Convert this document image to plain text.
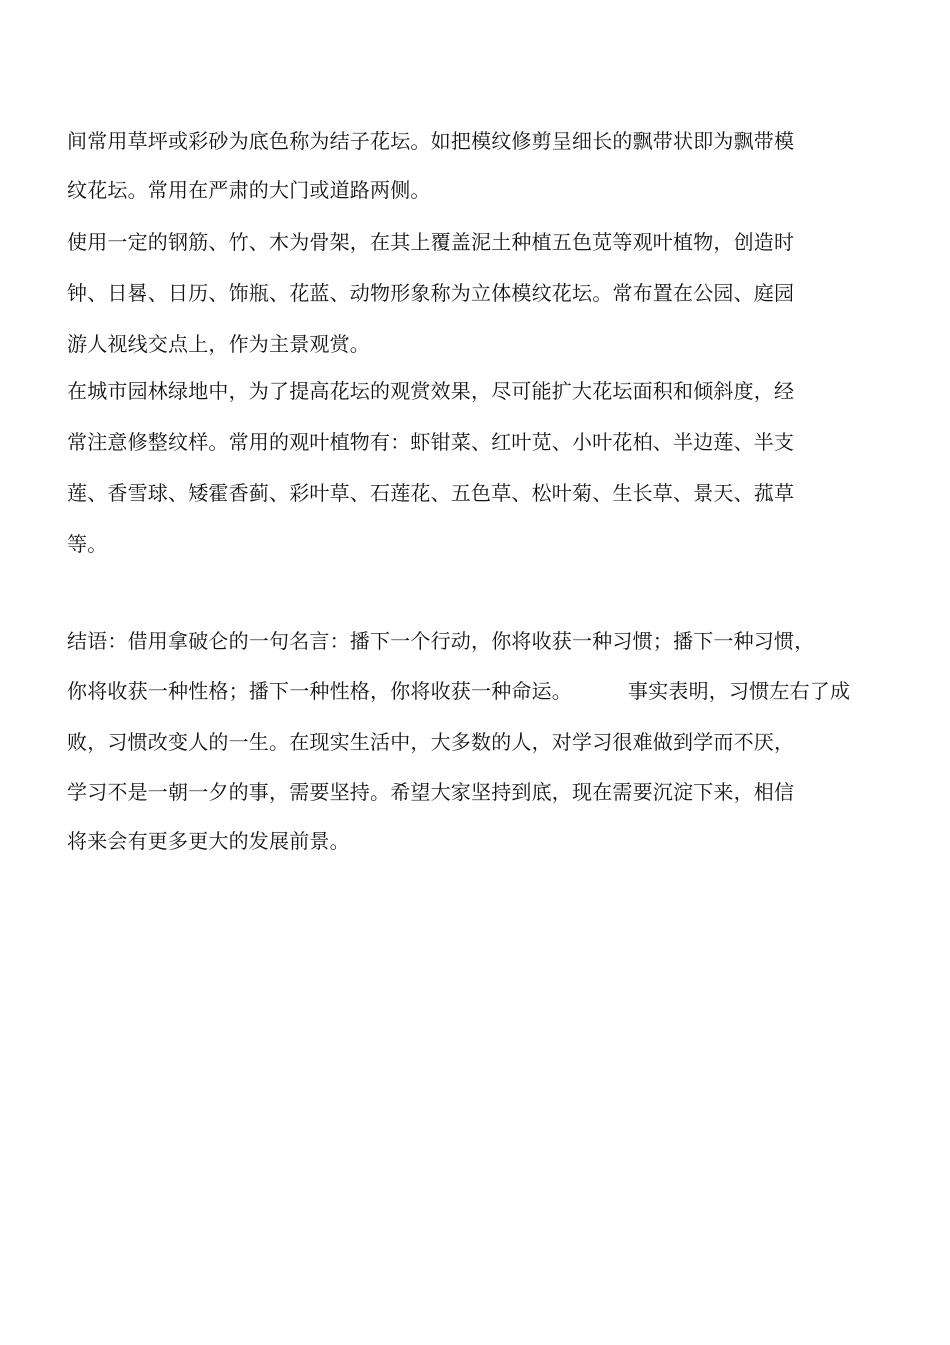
间常用草坪或彩砂为底色称为结子花坛。如把模纹修剪呈细长的飘带状即为飘带模
纹花坛。常用在严肃的大门或道路两侧。
使用一定的钢筋、竹、木为骨架，在其上覆盖泥土种植五色苋等观叶植物，创造时
钟、日晷、日历、饰瓶、花蓝、动物形象称为立体模纹花坛。常布置在公园、庭园
游人视线交点上，作为主景观赏。
在城市园林绿地中，为了提高花坛的观赏效果，尽可能扩大花坛面积和倾斜度，经
常注意修整纹样。常用的观叶植物有：虾钳菜、红叶苋、小叶花柏、半边莲、半支
莲、香雪球、矮霍香蓟、彩叶草、石莲花、五色草、松叶菊、生长草、景天、菰草
等。
结语：借用拿破仑的一句名言：播下一个行动，你将收获一种习惯；播下一种习惯，
你将收获一种性格；播下一种性格，你将收获一种命运。	事实表明，习惯左右了成
败，习惯改变人的一生。在现实生活中，大多数的人，对学习很难做到学而不厌，
学习不是一朝一夕的事，需要坚持。希望大家坚持到底，现在需要沉淀下来，相信
将来会有更多更大的发展前景。
